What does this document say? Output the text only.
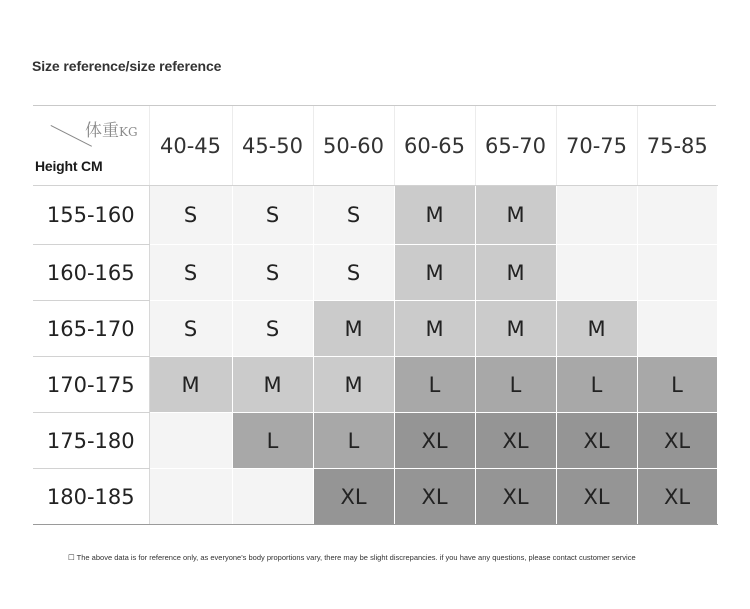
Size reference/size reference
体重KG
Height CM	40-45	45-50	50-60	60-65	65-70	70-75	75-85
155-160	S	S	S	M	M		
160-165	S	S	S	M	M		
165-170	S	S	M	M	M	M	
170-175	M	M	M	L	L	L	L
175-180		L	L	XL	XL	XL	XL
180-185			XL	XL	XL	XL	XL
☐ The above data is for reference only, as everyone's body proportions vary, there may be slight discrepancies. if you have any questions, please contact customer service
